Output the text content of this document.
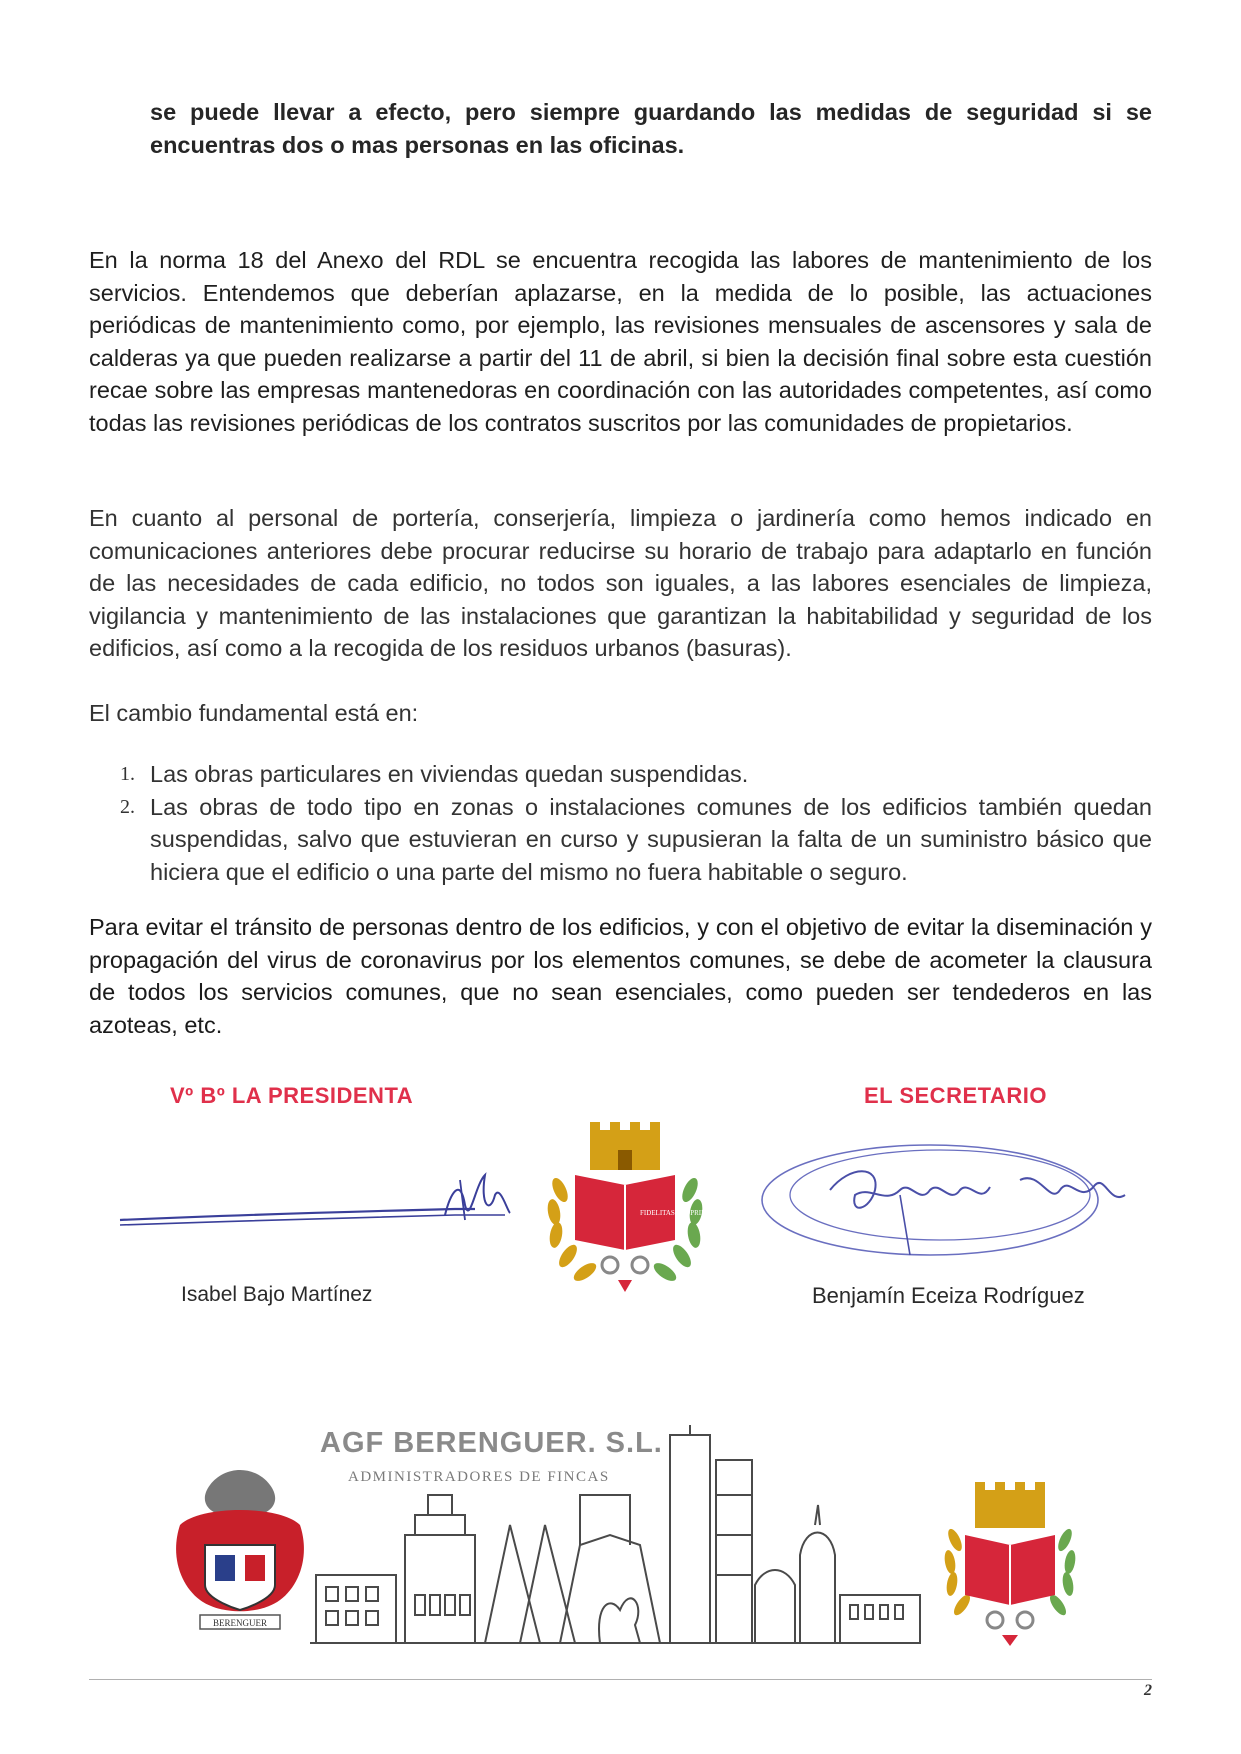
se puede llevar a efecto, pero siempre guardando las medidas de seguridad si se encuentras dos o mas personas en las oficinas.
En la norma 18 del Anexo del RDL se encuentra recogida las labores de mantenimiento de los servicios. Entendemos que deberían aplazarse, en la medida de lo posible, las actuaciones periódicas de mantenimiento como, por ejemplo, las revisiones mensuales de ascensores y sala de calderas ya que pueden realizarse a partir del 11 de abril, si bien la decisión final sobre esta cuestión recae sobre las empresas mantenedoras en coordinación con las autoridades competentes, así como todas las revisiones periódicas de los contratos suscritos por las comunidades de propietarios.
En cuanto al personal de portería, conserjería, limpieza o jardinería como hemos indicado en comunicaciones anteriores debe procurar reducirse su horario de trabajo para adaptarlo en función de las necesidades de cada edificio, no todos son iguales, a las labores esenciales de limpieza, vigilancia y mantenimiento de las instalaciones que garantizan la habitabilidad y seguridad de los edificios, así como a la recogida de los residuos urbanos (basuras).
El cambio fundamental está en:
1. Las obras particulares en viviendas quedan suspendidas.
2. Las obras de todo tipo en zonas o instalaciones comunes de los edificios también quedan suspendidas, salvo que estuvieran en curso y supusieran la falta de un suministro básico que hiciera que el edificio o una parte del mismo no fuera habitable o seguro.
Para evitar el tránsito de personas dentro de los edificios, y con el objetivo de evitar la diseminación y propagación del virus de coronavirus por los elementos comunes, se debe de acometer la clausura de todos los servicios comunes, que no sean esenciales, como pueden ser tendederos en las azoteas, etc.
Vº Bº LA PRESIDENTA	EL SECRETARIO
FIDELITAS PROPRIETATI
Isabel Bajo Martínez	Benjamín Eceiza Rodríguez
BERENGUER
AGF BERENGUER. S.L.
ADMINISTRADORES DE FINCAS
2
